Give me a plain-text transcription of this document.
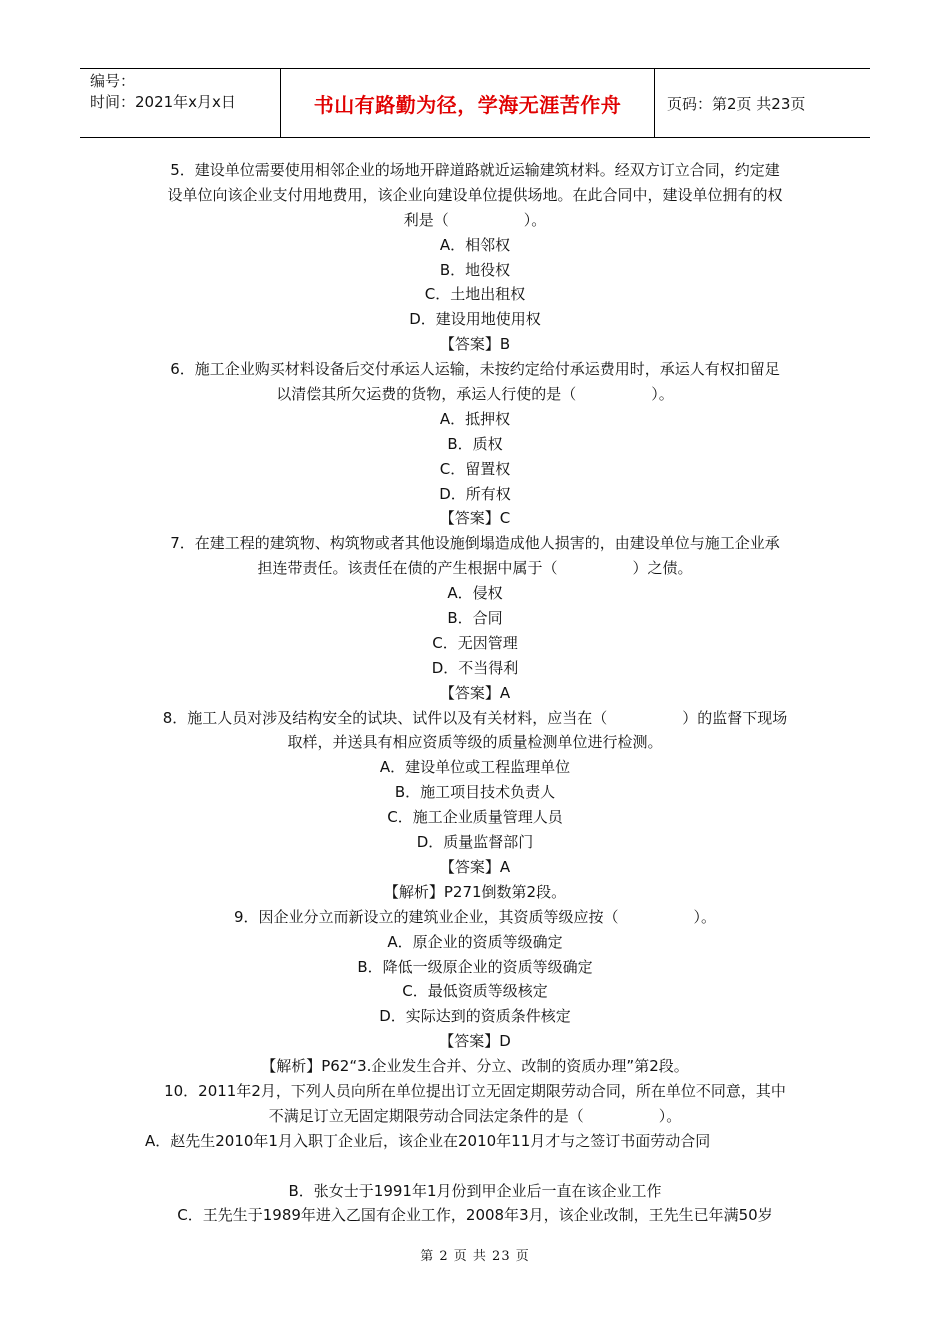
编号：
时间：2021年x月x日	书山有路勤为径，学海无涯苦作舟	页码：第2页 共23页
5．建设单位需要使用相邻企业的场地开辟道路就近运输建筑材料。经双方订立合同，约定建
设单位向该企业支付用地费用，该企业向建设单位提供场地。在此合同中，建设单位拥有的权
利是（　　　　　）。
A．相邻权
B．地役权
C．土地出租权
D．建设用地使用权
【答案】B
6．施工企业购买材料设备后交付承运人运输，未按约定给付承运费用时，承运人有权扣留足
以清偿其所欠运费的货物，承运人行使的是（　　　　　）。
A．抵押权
B．质权
C．留置权
D．所有权
【答案】C
7．在建工程的建筑物、构筑物或者其他设施倒塌造成他人损害的，由建设单位与施工企业承
担连带责任。该责任在债的产生根据中属于（　　　　　）之债。
A．侵权
B．合同
C．无因管理
D．不当得利
【答案】A
8．施工人员对涉及结构安全的试块、试件以及有关材料，应当在（　　　　　）的监督下现场
取样，并送具有相应资质等级的质量检测单位进行检测。
A．建设单位或工程监理单位
B．施工项目技术负责人
C．施工企业质量管理人员
D．质量监督部门
【答案】A
【解析】P271倒数第2段。
9．因企业分立而新设立的建筑业企业，其资质等级应按（　　　　　）。
A．原企业的资质等级确定
B．降低一级原企业的资质等级确定
C．最低资质等级核定
D．实际达到的资质条件核定
【答案】D
【解析】P62“3.企业发生合并、分立、改制的资质办理”第2段。
10．2011年2月，下列人员向所在单位提出订立无固定期限劳动合同，所在单位不同意，其中
不满足订立无固定期限劳动合同法定条件的是（　　　　　）。
A．赵先生2010年1月入职丁企业后，该企业在2010年11月才与之签订书面劳动合同
B．张女士于1991年1月份到甲企业后一直在该企业工作
C．王先生于1989年进入乙国有企业工作，2008年3月，该企业改制，王先生已年满50岁
第 2 页 共 23 页
